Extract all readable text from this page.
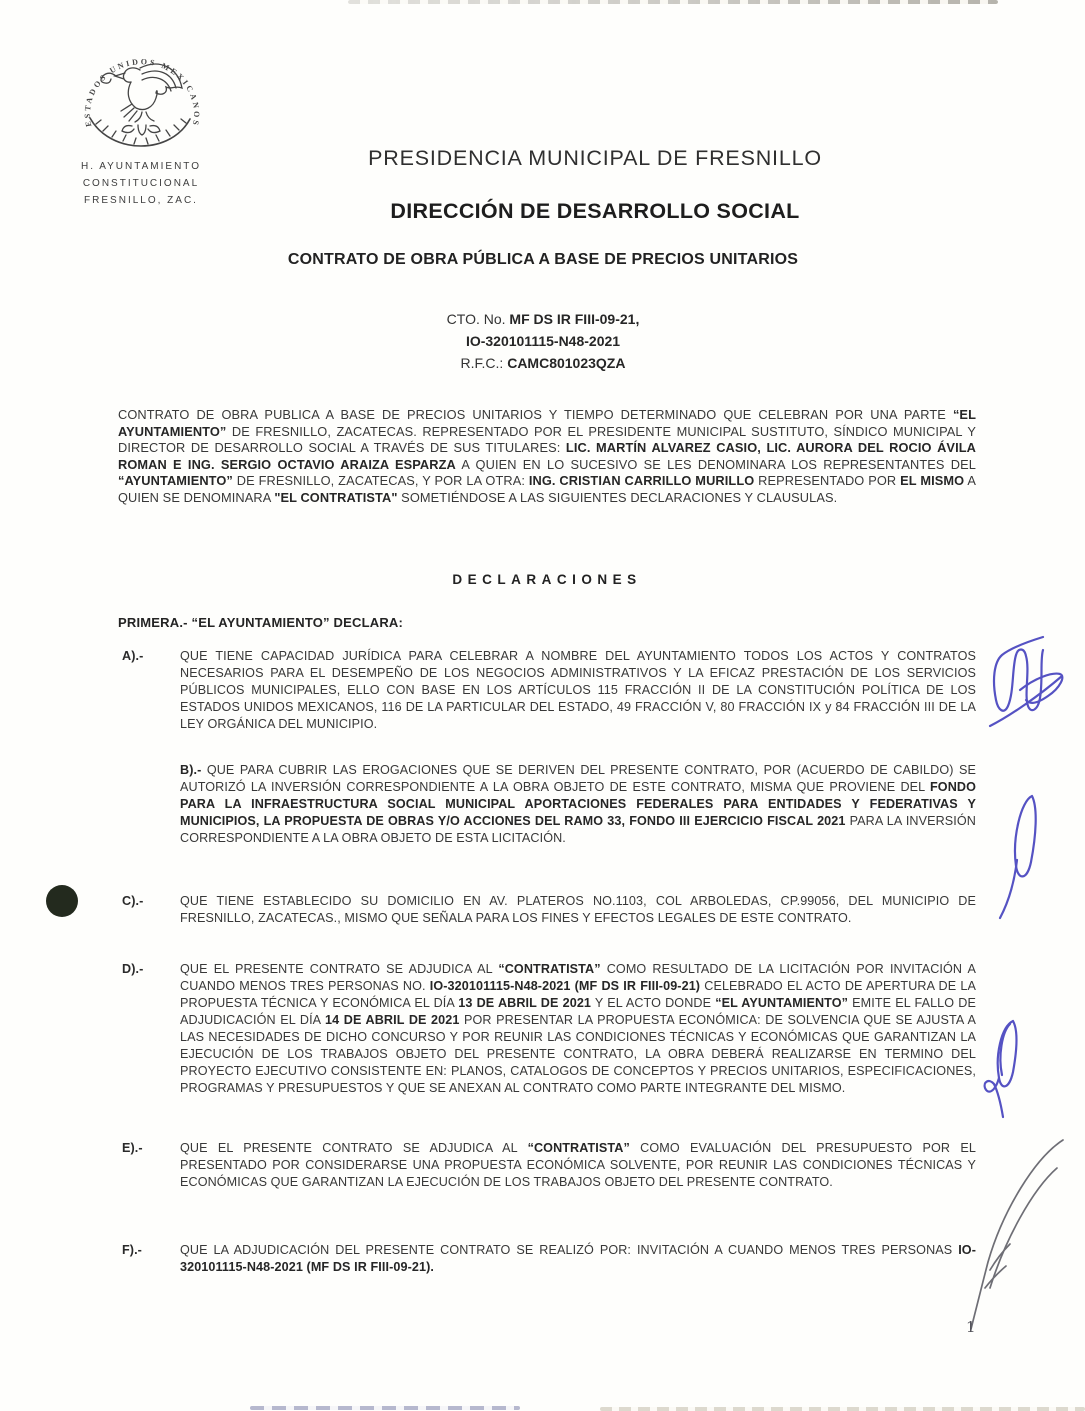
ESTADOS UNIDOS MEXICANOS
H. AYUNTAMIENTO
CONSTITUCIONAL
FRESNILLO, ZAC.
PRESIDENCIA MUNICIPAL DE FRESNILLO
DIRECCIÓN DE DESARROLLO SOCIAL
CONTRATO DE OBRA PÚBLICA A BASE DE PRECIOS UNITARIOS
CTO. No. MF DS IR FIII-09-21,
IO-320101115-N48-2021
R.F.C.: CAMC801023QZA

CONTRATO DE OBRA PUBLICA A BASE DE PRECIOS UNITARIOS Y TIEMPO DETERMINADO QUE CELEBRAN POR UNA PARTE “EL AYUNTAMIENTO” DE FRESNILLO, ZACATECAS. REPRESENTADO POR EL PRESIDENTE MUNICIPAL SUSTITUTO, SÍNDICO MUNICIPAL Y DIRECTOR DE DESARROLLO SOCIAL A TRAVÉS DE SUS TITULARES: LIC. MARTÍN ALVAREZ CASIO, LIC. AURORA DEL ROCIO ÁVILA ROMAN E ING. SERGIO OCTAVIO ARAIZA ESPARZA A QUIEN EN LO SUCESIVO SE LES DENOMINARA LOS REPRESENTANTES DEL “AYUNTAMIENTO” DE FRESNILLO, ZACATECAS, Y POR LA OTRA: ING. CRISTIAN CARRILLO MURILLO REPRESENTADO POR EL MISMO A QUIEN SE DENOMINARA "EL CONTRATISTA" SOMETIÉNDOSE A LAS SIGUIENTES DECLARACIONES Y CLAUSULAS.

DECLARACIONES
PRIMERA.- “EL AYUNTAMIENTO” DECLARA:
A).-	QUE TIENE CAPACIDAD JURÍDICA PARA CELEBRAR A NOMBRE DEL AYUNTAMIENTO TODOS LOS ACTOS Y CONTRATOS NECESARIOS PARA EL DESEMPEÑO DE LOS NEGOCIOS ADMINISTRATIVOS Y LA EFICAZ PRESTACIÓN DE LOS SERVICIOS PÚBLICOS MUNICIPALES, ELLO CON BASE EN LOS ARTÍCULOS 115 FRACCIÓN II DE LA CONSTITUCIÓN POLÍTICA DE LOS ESTADOS UNIDOS MEXICANOS, 116 DE LA PARTICULAR DEL ESTADO, 49 FRACCIÓN V, 80 FRACCIÓN IX y 84 FRACCIÓN III DE LA LEY ORGÁNICA DEL MUNICIPIO.
B).- QUE PARA CUBRIR LAS EROGACIONES QUE SE DERIVEN DEL PRESENTE CONTRATO, POR (ACUERDO DE CABILDO) SE AUTORIZÓ LA INVERSIÓN CORRESPONDIENTE A LA OBRA OBJETO DE ESTE CONTRATO, MISMA QUE PROVIENE DEL FONDO PARA LA INFRAESTRUCTURA SOCIAL MUNICIPAL APORTACIONES FEDERALES PARA ENTIDADES Y FEDERATIVAS Y MUNICIPIOS, LA PROPUESTA DE OBRAS Y/O ACCIONES DEL RAMO 33, FONDO III EJERCICIO FISCAL 2021 PARA LA INVERSIÓN CORRESPONDIENTE A LA OBRA OBJETO DE ESTA LICITACIÓN.
C).-	QUE TIENE ESTABLECIDO SU DOMICILIO EN AV. PLATEROS NO.1103, COL ARBOLEDAS, CP.99056, DEL MUNICIPIO DE FRESNILLO, ZACATECAS., MISMO QUE SEÑALA PARA LOS FINES Y EFECTOS LEGALES DE ESTE CONTRATO.
D).-	QUE EL PRESENTE CONTRATO SE ADJUDICA AL “CONTRATISTA” COMO RESULTADO DE LA LICITACIÓN POR INVITACIÓN A CUANDO MENOS TRES PERSONAS NO. IO-320101115-N48-2021 (MF DS IR FIII-09-21) CELEBRADO EL ACTO DE APERTURA DE LA PROPUESTA TÉCNICA Y ECONÓMICA EL DÍA 13 DE ABRIL DE 2021 Y EL ACTO DONDE “EL AYUNTAMIENTO” EMITE EL FALLO DE ADJUDICACIÓN EL DÍA 14 DE ABRIL DE 2021 POR PRESENTAR LA PROPUESTA ECONÓMICA: DE SOLVENCIA QUE SE AJUSTA A LAS NECESIDADES DE DICHO CONCURSO Y POR REUNIR LAS CONDICIONES TÉCNICAS Y ECONÓMICAS QUE GARANTIZAN LA EJECUCIÓN DE LOS TRABAJOS OBJETO DEL PRESENTE CONTRATO, LA OBRA DEBERÁ REALIZARSE EN TERMINO DEL PROYECTO EJECUTIVO CONSISTENTE EN: PLANOS, CATALOGOS DE CONCEPTOS Y PRECIOS UNITARIOS, ESPECIFICACIONES, PROGRAMAS Y PRESUPUESTOS Y QUE SE ANEXAN AL CONTRATO COMO PARTE INTEGRANTE DEL MISMO.
E).-	QUE EL PRESENTE CONTRATO SE ADJUDICA AL “CONTRATISTA” COMO EVALUACIÓN DEL PRESUPUESTO POR EL PRESENTADO POR CONSIDERARSE UNA PROPUESTA ECONÓMICA SOLVENTE, POR REUNIR LAS CONDICIONES TÉCNICAS Y ECONÓMICAS QUE GARANTIZAN LA EJECUCIÓN DE LOS TRABAJOS OBJETO DEL PRESENTE CONTRATO.
F).-	QUE LA ADJUDICACIÓN DEL PRESENTE CONTRATO SE REALIZÓ POR: INVITACIÓN A CUANDO MENOS TRES PERSONAS IO-320101115-N48-2021 (MF DS IR FIII-09-21).
1
